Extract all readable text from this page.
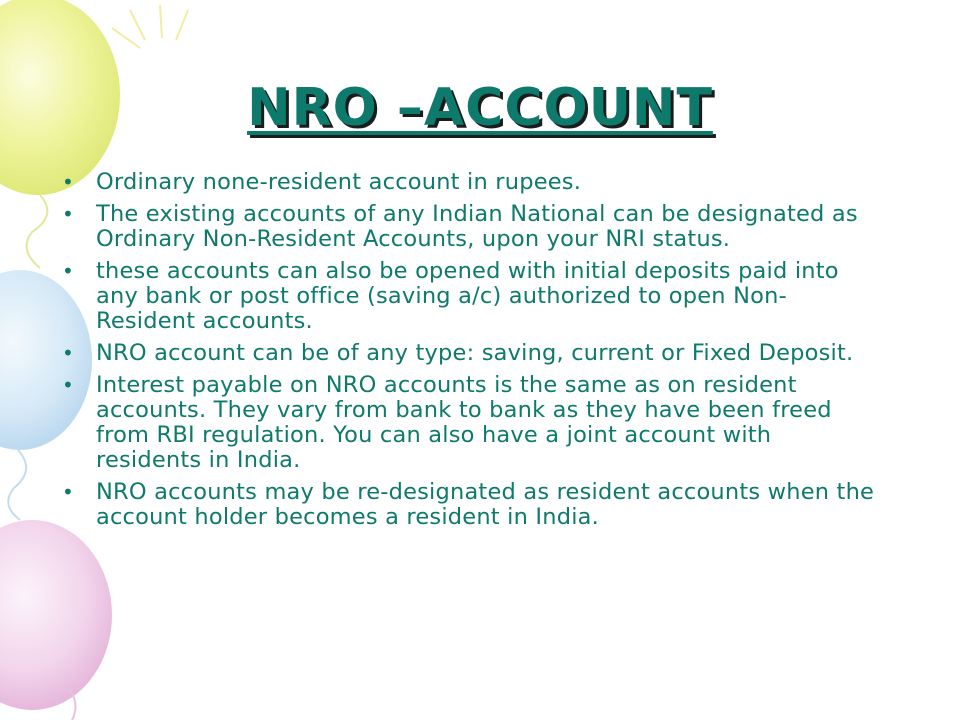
NRO –ACCOUNT
• Ordinary none-resident account in rupees.
• The existing accounts of any Indian National can be designated as Ordinary Non-Resident Accounts, upon your NRI status.
• these accounts can also be opened with initial deposits paid into any bank or post office (saving a/c) authorized to open Non-Resident accounts.
• NRO account can be of any type: saving, current or Fixed Deposit.
• Interest payable on NRO accounts is the same as on resident accounts. They vary from bank to bank as they have been freed from RBI regulation. You can also have a joint account with residents in India.
• NRO accounts may be re-designated as resident accounts when the account holder becomes a resident in India.
